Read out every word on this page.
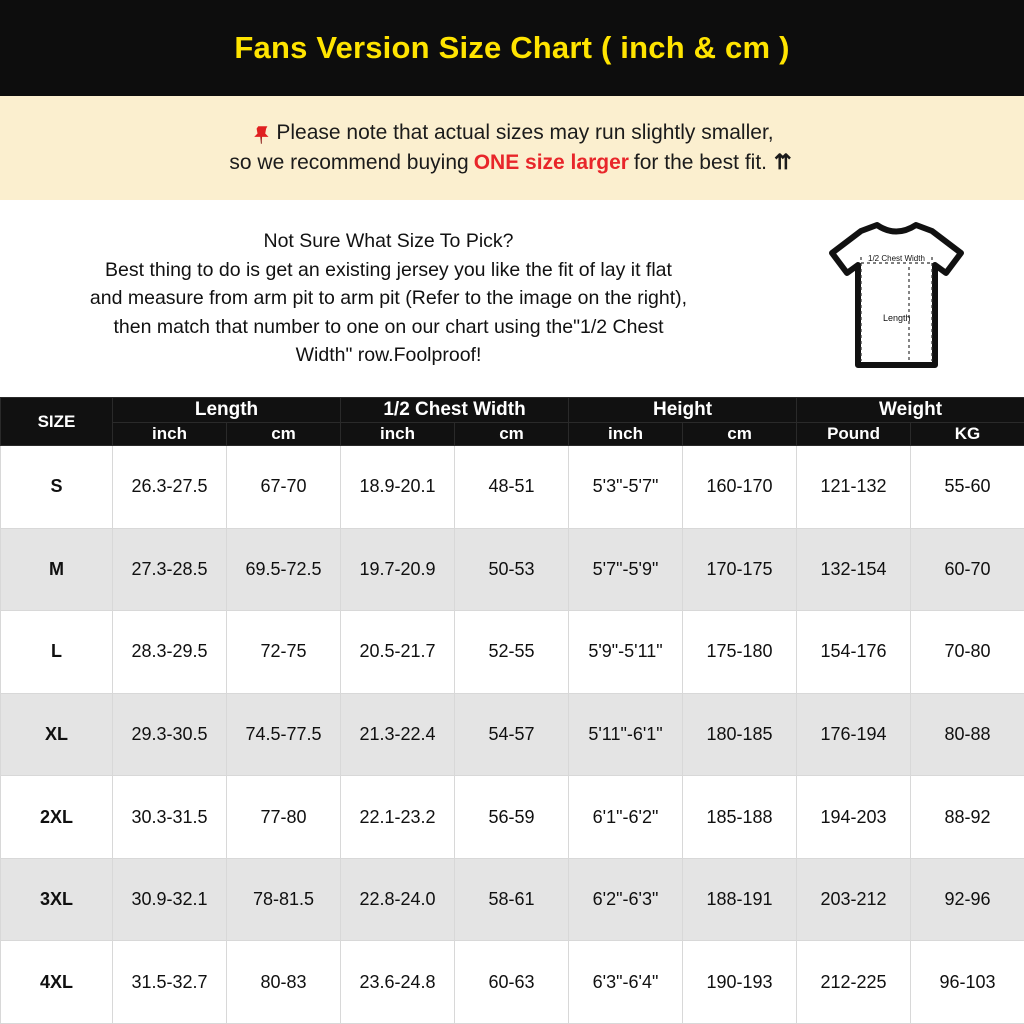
Fans Version Size Chart ( inch & cm )
Please note that actual sizes may run slightly smaller,
so we recommend buying ONE size larger for the best fit. ⇈

Not Sure What Size To Pick?

Best thing to do is get an existing jersey you like the fit of lay it flat

and measure from arm pit to arm pit (Refer to the image on the right),

then match that number to one on our chart using the"1/2 Chest

Width" row.Foolproof!

1/2 Chest Width
Length
SIZE	Length		1/2 Chest Width		Height		Weight	
	inch	cm	inch	cm	inch	cm	Pound	KG
S	26.3-27.5	67-70	18.9-20.1	48-51	5'3"-5'7"	160-170	121-132	55-60
M	27.3-28.5	69.5-72.5	19.7-20.9	50-53	5'7"-5'9"	170-175	132-154	60-70
L	28.3-29.5	72-75	20.5-21.7	52-55	5'9"-5'11"	175-180	154-176	70-80
XL	29.3-30.5	74.5-77.5	21.3-22.4	54-57	5'11"-6'1"	180-185	176-194	80-88
2XL	30.3-31.5	77-80	22.1-23.2	56-59	6'1"-6'2"	185-188	194-203	88-92
3XL	30.9-32.1	78-81.5	22.8-24.0	58-61	6'2"-6'3"	188-191	203-212	92-96
4XL	31.5-32.7	80-83	23.6-24.8	60-63	6'3"-6'4"	190-193	212-225	96-103
